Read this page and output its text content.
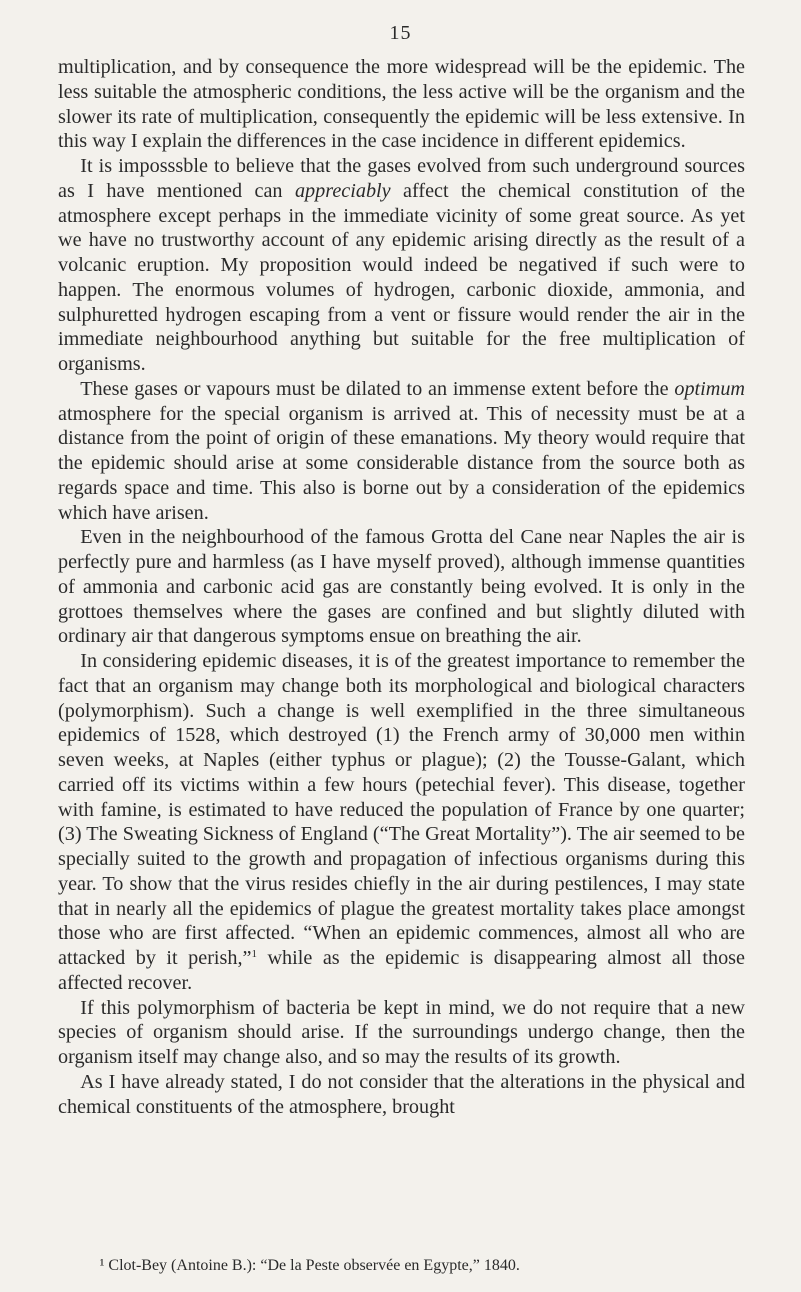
15

multiplication, and by consequence the more widespread will be the epidemic. The less suitable the atmospheric conditions, the less active will be the organism and the slower its rate of multiplication, consequently the epidemic will be less extensive. In this way I explain the differences in the case incidence in different epidemics.

It is imposssble to believe that the gases evolved from such underground sources as I have mentioned can appreciably affect the chemical constitution of the atmosphere except perhaps in the immediate vicinity of some great source. As yet we have no trustworthy account of any epidemic arising directly as the result of a volcanic eruption. My proposition would indeed be negatived if such were to happen. The enormous volumes of hydrogen, carbonic dioxide, ammonia, and sulphuretted hydrogen escaping from a vent or fissure would render the air in the immediate neighbourhood anything but suitable for the free multiplication of organisms.

These gases or vapours must be dilated to an immense extent before the optimum atmosphere for the special organism is arrived at. This of necessity must be at a distance from the point of origin of these emanations. My theory would require that the epidemic should arise at some considerable distance from the source both as regards space and time. This also is borne out by a consideration of the epidemics which have arisen.

Even in the neighbourhood of the famous Grotta del Cane near Naples the air is perfectly pure and harmless (as I have myself proved), although immense quantities of ammonia and carbonic acid gas are constantly being evolved. It is only in the grottoes themselves where the gases are confined and but slightly diluted with ordinary air that dangerous symptoms ensue on breathing the air.

In considering epidemic diseases, it is of the greatest importance to remember the fact that an organism may change both its morphological and biological characters (polymorphism). Such a change is well exemplified in the three simultaneous epidemics of 1528, which destroyed (1) the French army of 30,000 men within seven weeks, at Naples (either typhus or plague); (2) the Tousse-Galant, which carried off its victims within a few hours (petechial fever). This disease, together with famine, is estimated to have reduced the population of France by one quarter; (3) The Sweating Sickness of England (“The Great Mortality”). The air seemed to be specially suited to the growth and propagation of infectious organisms during this year. To show that the virus resides chiefly in the air during pestilences, I may state that in nearly all the epidemics of plague the greatest mortality takes place amongst those who are first affected. “When an epidemic commences, almost all who are attacked by it perish,”$^1$ while as the epidemic is disappearing almost all those affected recover.

If this polymorphism of bacteria be kept in mind, we do not require that a new species of organism should arise. If the surroundings undergo change, then the organism itself may change also, and so may the results of its growth.

As I have already stated, I do not consider that the alterations in the physical and chemical constituents of the atmosphere, brought

¹ Clot-Bey (Antoine B.): “De la Peste observée en Egypte,” 1840.
